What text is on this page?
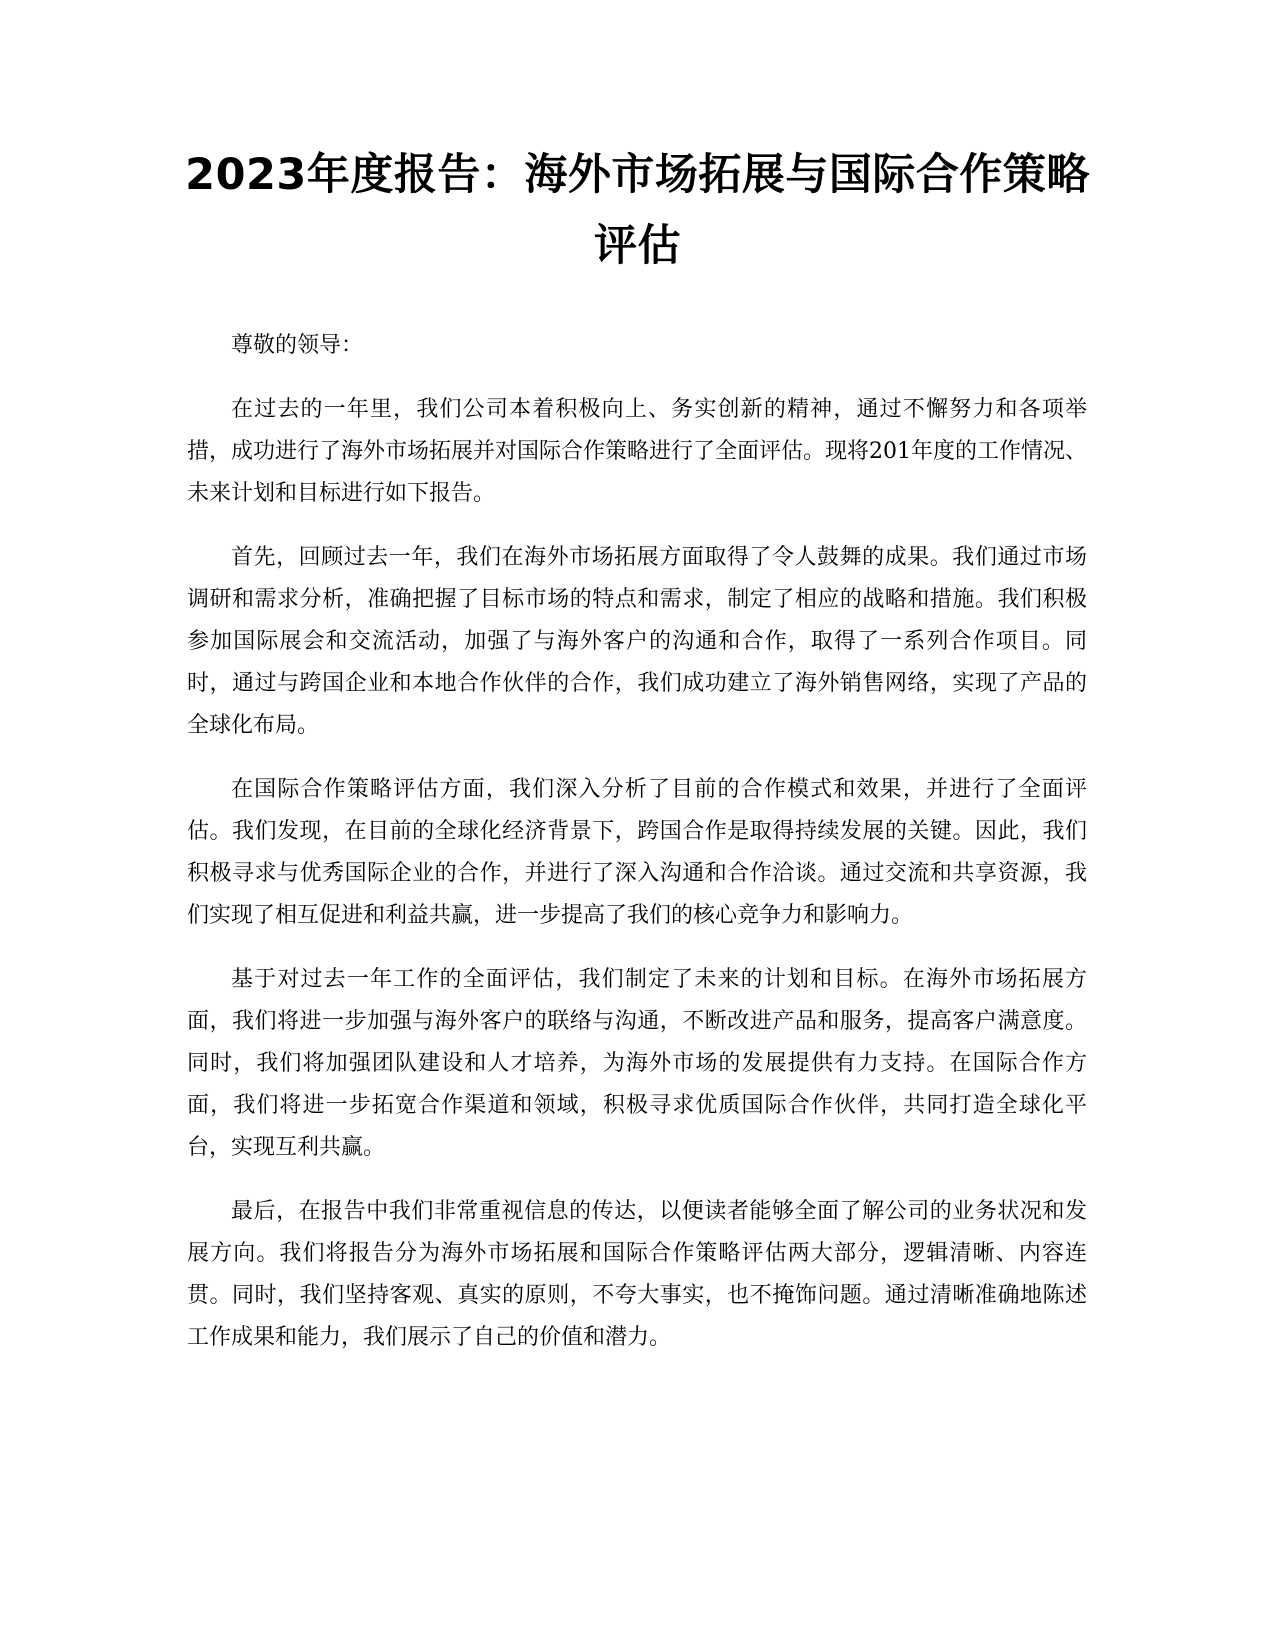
2023年度报告：海外市场拓展与国际合作策略评估

尊敬的领导：

在过去的一年里，我们公司本着积极向上、务实创新的精神，通过不懈努力和各项举措，成功进行了海外市场拓展并对国际合作策略进行了全面评估。现将201年度的工作情况、未来计划和目标进行如下报告。

首先，回顾过去一年，我们在海外市场拓展方面取得了令人鼓舞的成果。我们通过市场调研和需求分析，准确把握了目标市场的特点和需求，制定了相应的战略和措施。我们积极参加国际展会和交流活动，加强了与海外客户的沟通和合作，取得了一系列合作项目。同时，通过与跨国企业和本地合作伙伴的合作，我们成功建立了海外销售网络，实现了产品的全球化布局。

在国际合作策略评估方面，我们深入分析了目前的合作模式和效果，并进行了全面评估。我们发现，在目前的全球化经济背景下，跨国合作是取得持续发展的关键。因此，我们积极寻求与优秀国际企业的合作，并进行了深入沟通和合作洽谈。通过交流和共享资源，我们实现了相互促进和利益共赢，进一步提高了我们的核心竞争力和影响力。

基于对过去一年工作的全面评估，我们制定了未来的计划和目标。在海外市场拓展方面，我们将进一步加强与海外客户的联络与沟通，不断改进产品和服务，提高客户满意度。同时，我们将加强团队建设和人才培养，为海外市场的发展提供有力支持。在国际合作方面，我们将进一步拓宽合作渠道和领域，积极寻求优质国际合作伙伴，共同打造全球化平台，实现互利共赢。

最后，在报告中我们非常重视信息的传达，以便读者能够全面了解公司的业务状况和发展方向。我们将报告分为海外市场拓展和国际合作策略评估两大部分，逻辑清晰、内容连贯。同时，我们坚持客观、真实的原则，不夸大事实，也不掩饰问题。通过清晰准确地陈述工作成果和能力，我们展示了自己的价值和潜力。
